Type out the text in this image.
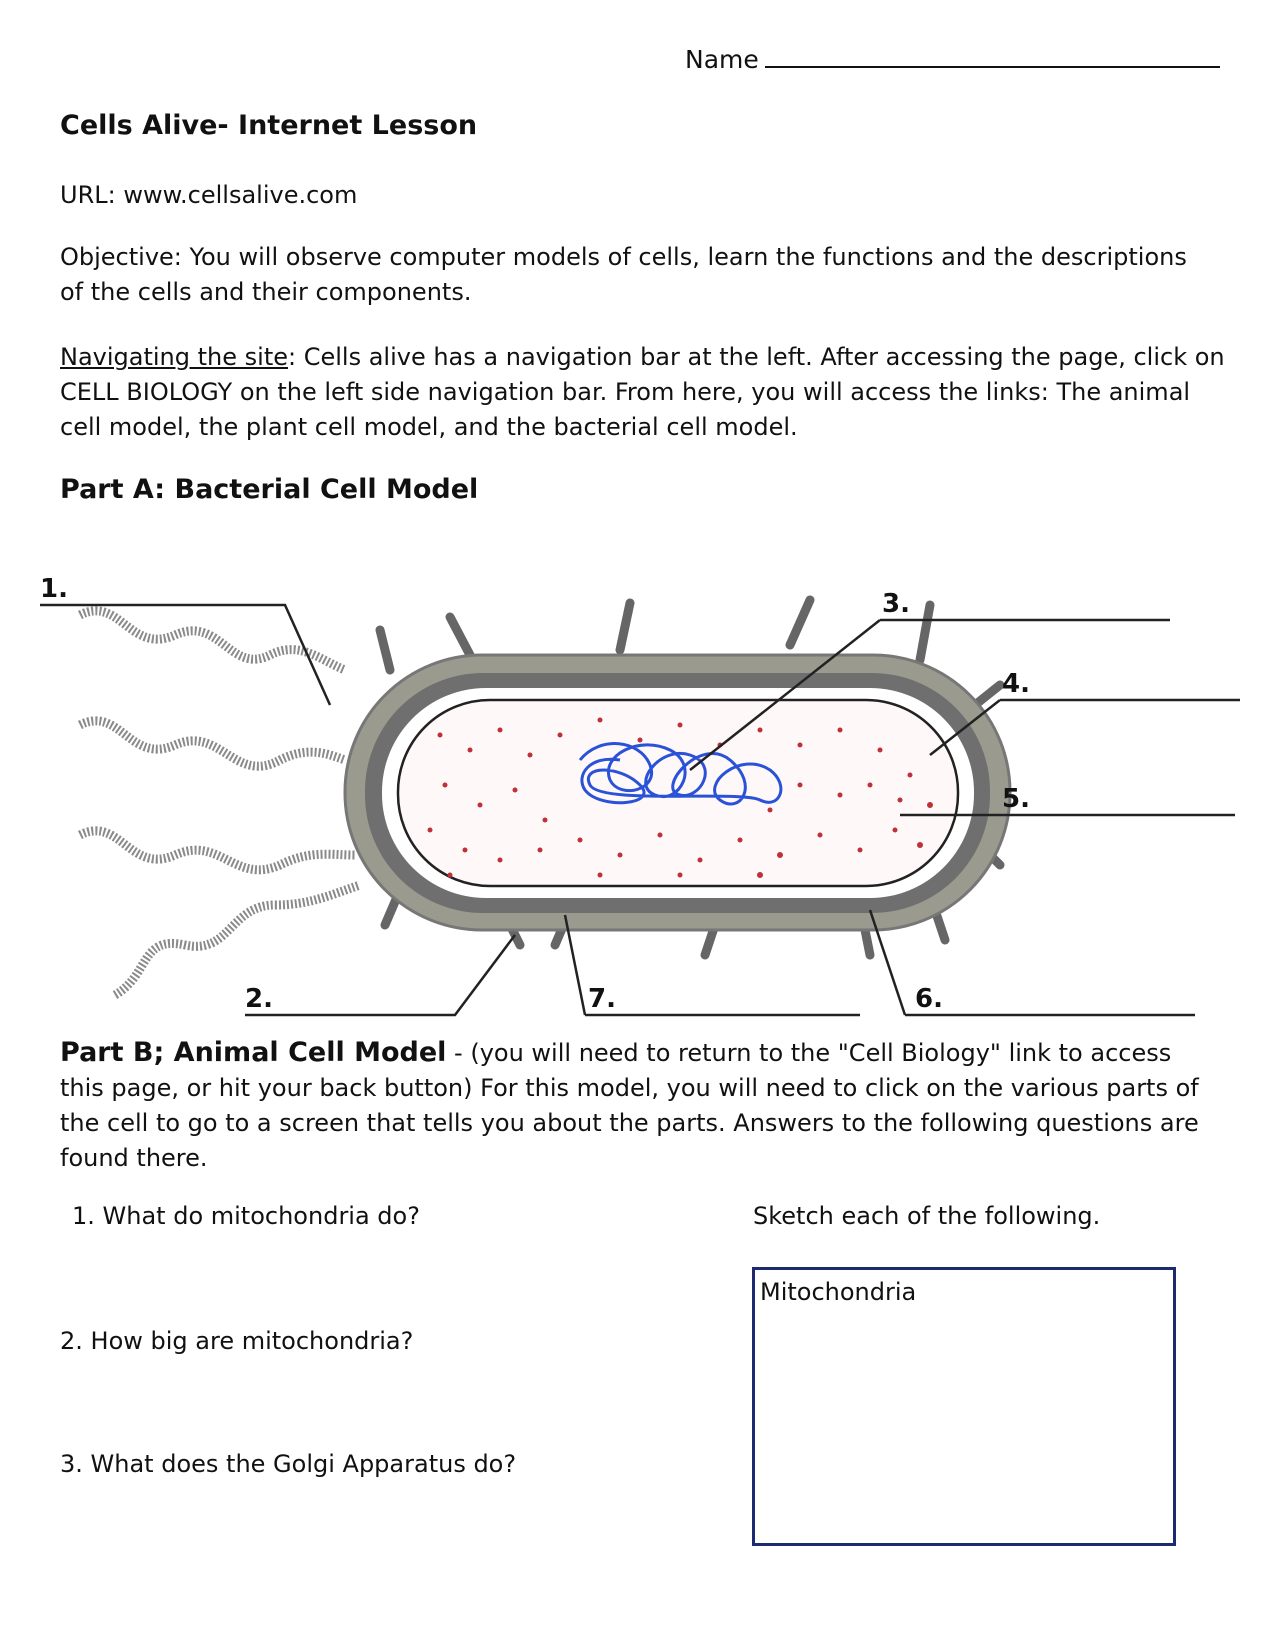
Name
Cells Alive- Internet Lesson
URL: www.cellsalive.com
Objective: You will observe computer models of cells, learn the functions and the descriptions of the cells and their components.
Navigating the site: Cells alive has a navigation bar at the left. After accessing the page, click on CELL BIOLOGY on the left side navigation bar. From here, you will access the links: The animal cell model, the plant cell model, and the bacterial cell model.
Part A: Bacterial Cell Model
1.
2.
3.
4.
5.
6.
7.
Part B; Animal Cell Model - (you will need to return to the "Cell Biology" link to access this page, or hit your back button) For this model, you will need to click on the various parts of the cell to go to a screen that tells you about the parts. Answers to the following questions are found there.
1. What do mitochondria do?
2. How big are mitochondria?
3. What does the Golgi Apparatus do?
Sketch each of the following.
Mitochondria
